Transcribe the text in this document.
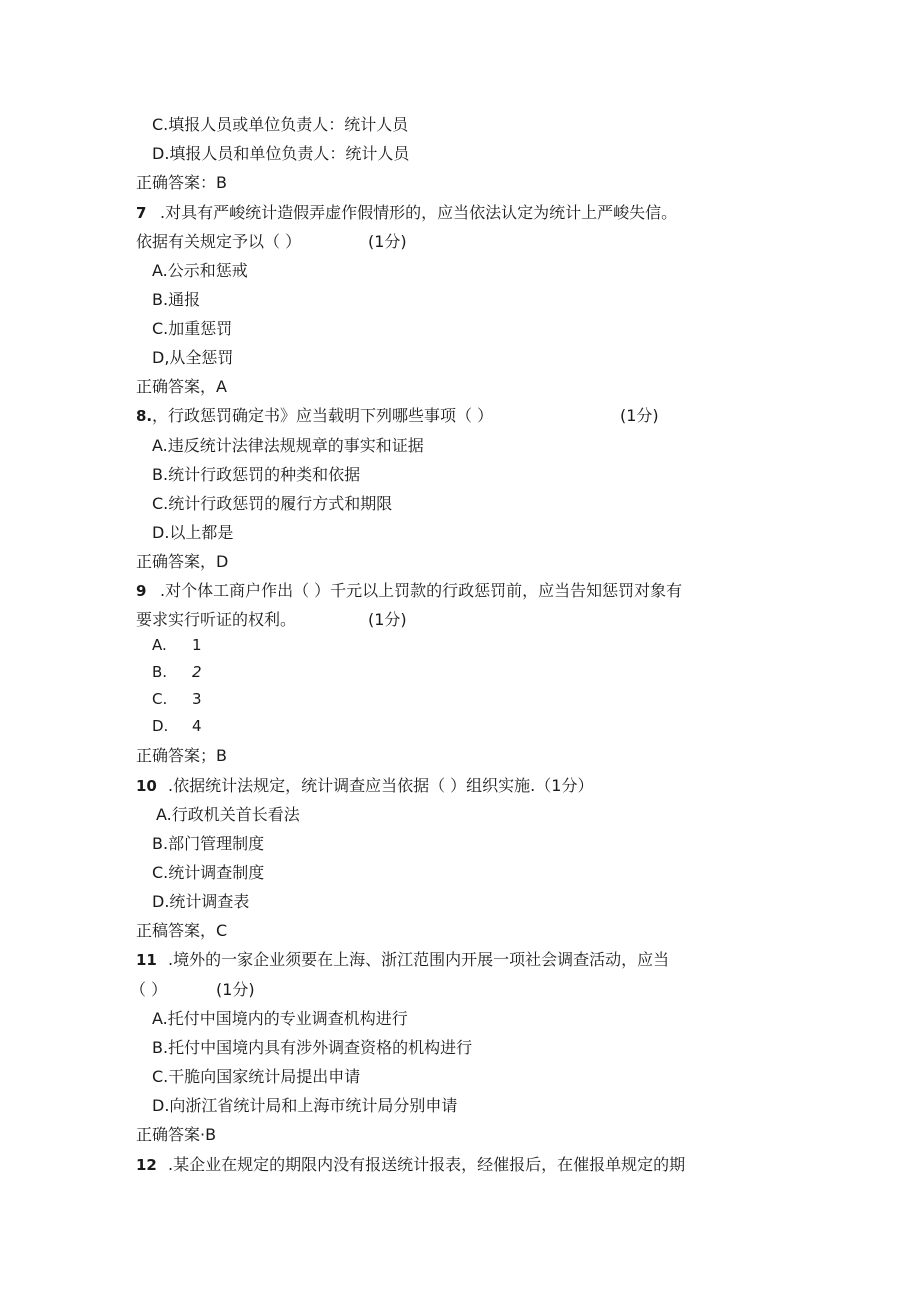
C.填报人员或单位负责人：统计人员
D.填报人员和单位负责人：统计人员
正确答案：B
7 .对具有严峻统计造假弄虚作假情形的，应当依法认定为统计上严峻失信。
依据有关规定予以（ ）	(1分)
A.公示和惩戒
B.通报
C.加重惩罚
D,从全惩罚
正确答案，A
8. ，行政惩罚确定书》应当载明下列哪些事项（ ）	(1分)
A.违反统计法律法规规章的事实和证据
B.统计行政惩罚的种类和依据
C.统计行政惩罚的履行方式和期限
D.以上都是
正确答案，D
9 .对个体工商户作出（ ）千元以上罚款的行政惩罚前，应当告知惩罚对象有
要求实行听证的权利。	(1分)
A. 1
B. 2
C. 3
D. 4
正确答案；B
10 .依据统计法规定，统计调查应当依据（ ）组织实施.（1分）
A.行政机关首长看法
B.部门管理制度
C.统计调查制度
D.统计调查表
正稿答案，C
11 .境外的一家企业须要在上海、浙江范围内开展一项社会调查活动，应当
（ ）	(1分)
A.托付中国境内的专业调查机构进行
B.托付中国境内具有涉外调查资格的机构进行
C.干脆向国家统计局提出申请
D.向浙江省统计局和上海市统计局分别申请
正确答案·B
12 .某企业在规定的期限内没有报送统计报表，经催报后，在催报单规定的期
